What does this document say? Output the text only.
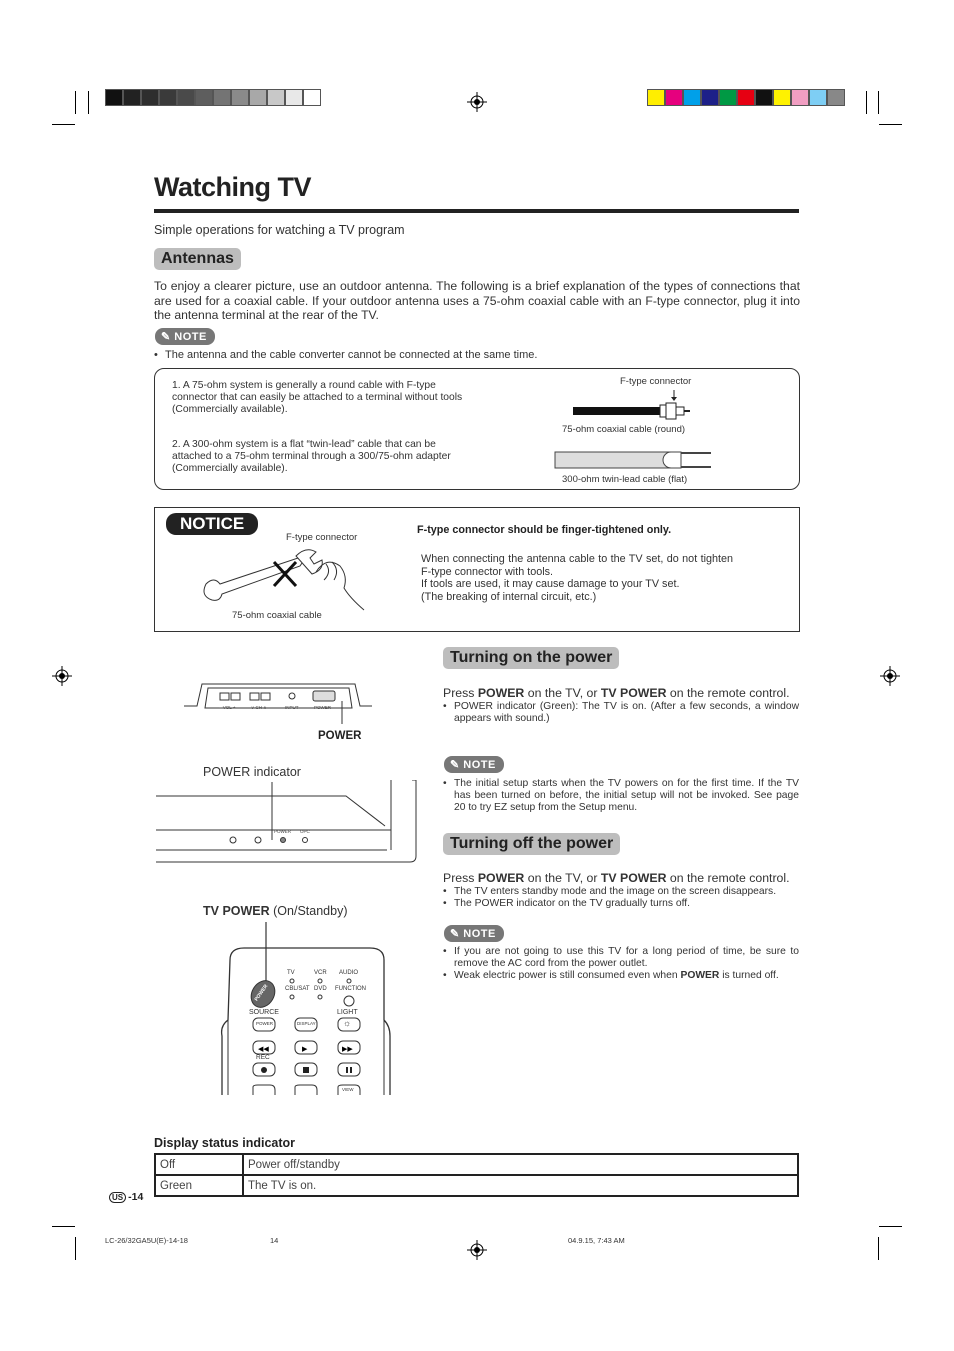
Watching TV
Simple operations for watching a TV program
Antennas
To enjoy a clearer picture, use an outdoor antenna. The following is a brief explanation of the types of connections that are used for a coaxial cable. If your outdoor antenna uses a 75-ohm coaxial cable with an F-type connector, plug it into the antenna terminal at the rear of the TV.
✎ NOTE
• The antenna and the cable converter cannot be connected at the same time.
1. A 75-ohm system is generally a round cable with F-type connector that can easily be attached to a terminal without tools (Commercially available).
2. A 300-ohm system is a flat “twin-lead” cable that can be attached to a 75-ohm terminal through a 300/75-ohm adapter (Commercially available).
F-type connector
75-ohm coaxial cable (round)
300-ohm twin-lead cable (flat)
NOTICE
F-type connector
75-ohm coaxial cable
F-type connector should be finger-tightened only.
When connecting the antenna cable to the TV set, do not tighten F-type connector with tools.
If tools are used, it may cause damage to your TV set.
(The breaking of internal circuit, etc.)
– VOL +	∨ CH ∧	INPUT	POWER
POWER
POWER indicator
POWER OPC
TV POWER (On/Standby)
◀◀	▶	▶▶
TV	VCR AUDIO
CBL/SAT DVD FUNCTION
POWER
SOURCE	LIGHT
POWER	DISPLAY	☼
REC
VIEW
Turning on the power
Press POWER on the TV, or TV POWER on the remote control.
• POWER indicator (Green): The TV is on. (After a few seconds, a window appears with sound.)
✎ NOTE
• The initial setup starts when the TV powers on for the first time. If the TV has been turned on before, the initial setup will not be invoked. See page 20 to try EZ setup from the Setup menu.
Turning off the power
Press POWER on the TV, or TV POWER on the remote control.
• The TV enters standby mode and the image on the screen disappears.
• The POWER indicator on the TV gradually turns off.
✎ NOTE
• If you are not going to use this TV for a long period of time, be sure to remove the AC cord from the power outlet.
• Weak electric power is still consumed even when POWER is turned off.
Display status indicator
Off	Power off/standby
Green	The TV is on.
US -14
LC-26/32GA5U(E)-14-18	14	04.9.15, 7:43 AM
